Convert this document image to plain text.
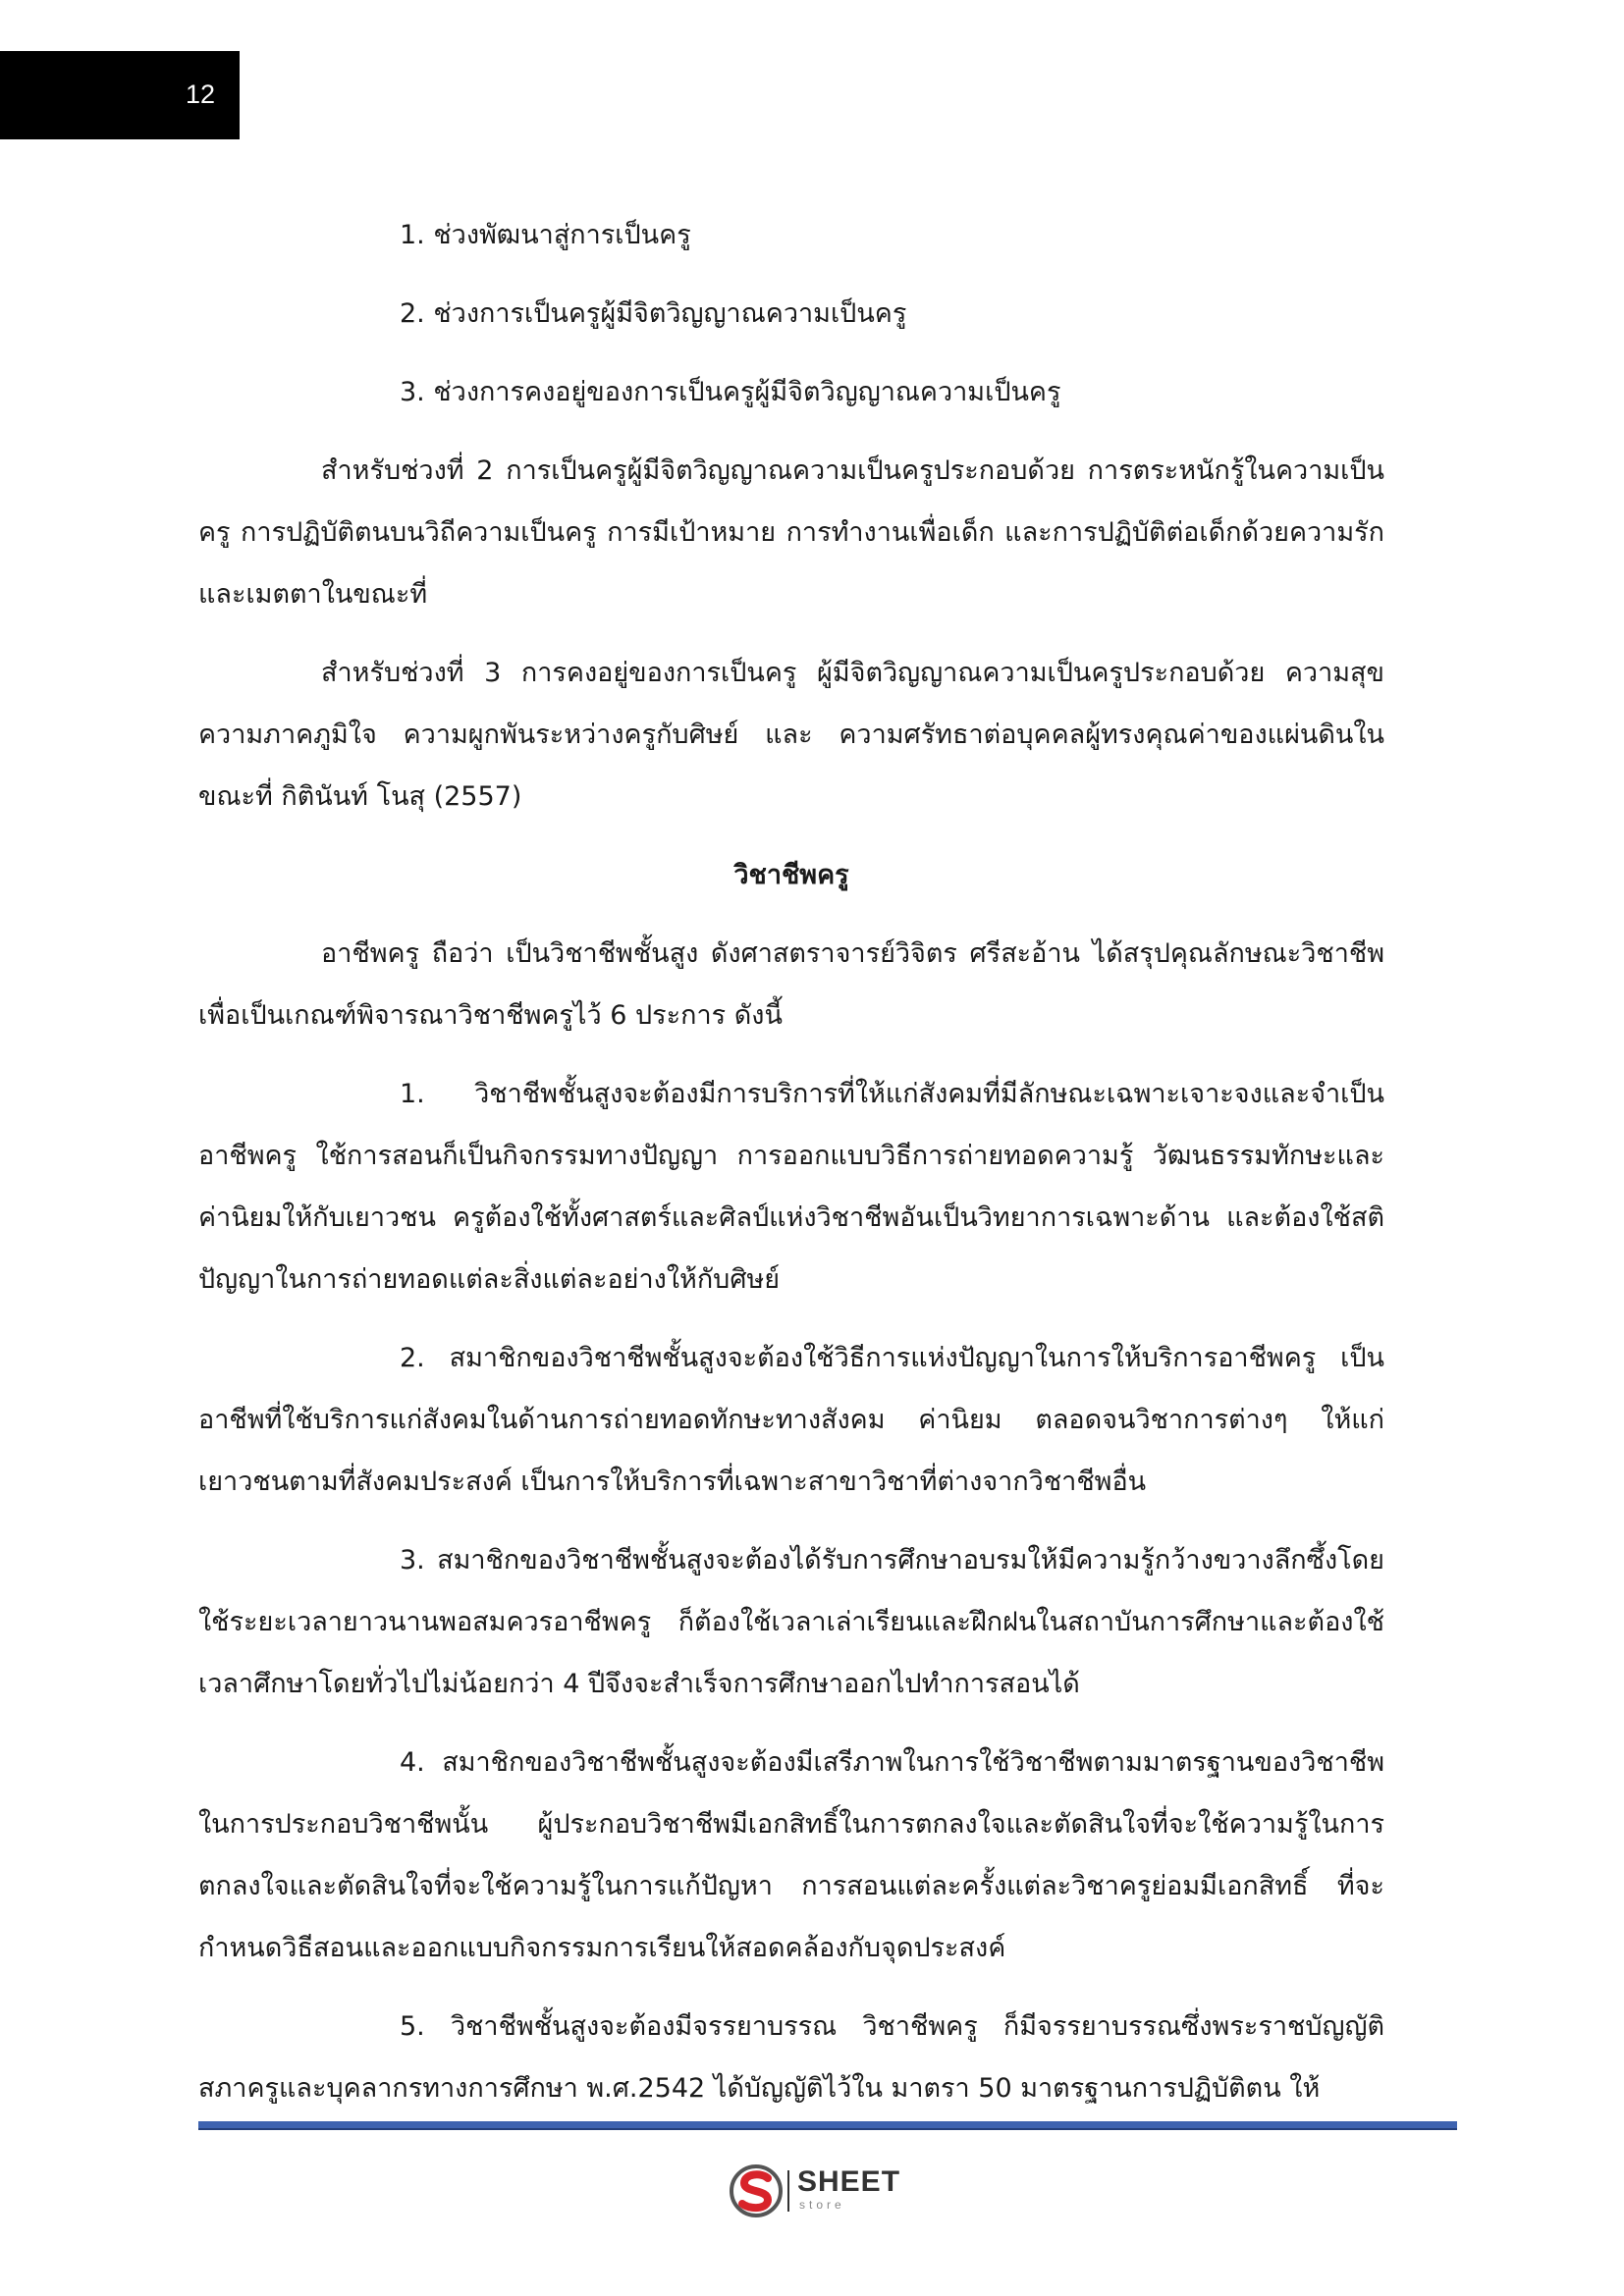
12

1. ช่วงพัฒนาสู่การเป็นครู

2. ช่วงการเป็นครูผู้มีจิตวิญญาณความเป็นครู

3. ช่วงการคงอยู่ของการเป็นครูผู้มีจิตวิญญาณความเป็นครู

สำหรับช่วงที่ 2 การเป็นครูผู้มีจิตวิญญาณความเป็นครูประกอบด้วย การตระหนักรู้ในความเป็นครู การปฏิบัติตนบนวิถีความเป็นครู การมีเป้าหมาย การทำงานเพื่อเด็ก และการปฏิบัติต่อเด็กด้วยความรักและเมตตาในขณะที่

สำหรับช่วงที่ 3 การคงอยู่ของการเป็นครู ผู้มีจิตวิญญาณความเป็นครูประกอบด้วย ความสุข ความภาคภูมิใจ ความผูกพันระหว่างครูกับศิษย์ และ ความศรัทธาต่อบุคคลผู้ทรงคุณค่าของแผ่นดินใน ขณะที่ กิตินันท์ โนสุ (2557)

วิชาชีพครู

อาชีพครู ถือว่า เป็นวิชาชีพชั้นสูง ดังศาสตราจารย์วิจิตร ศรีสะอ้าน ได้สรุปคุณลักษณะวิชาชีพ เพื่อเป็นเกณฑ์พิจารณาวิชาชีพครูไว้ 6 ประการ ดังนี้

1. วิชาชีพชั้นสูงจะต้องมีการบริการที่ให้แก่สังคมที่มีลักษณะเฉพาะเจาะจงและจำเป็น อาชีพครู ใช้การสอนก็เป็นกิจกรรมทางปัญญา การออกแบบวิธีการถ่ายทอดความรู้ วัฒนธรรมทักษะและค่านิยมให้กับเยาวชน ครูต้องใช้ทั้งศาสตร์และศิลป์แห่งวิชาชีพอันเป็นวิทยาการเฉพาะด้าน และต้องใช้สติปัญญาในการถ่ายทอดแต่ละสิ่งแต่ละอย่างให้กับศิษย์

2. สมาชิกของวิชาชีพชั้นสูงจะต้องใช้วิธีการแห่งปัญญาในการให้บริการอาชีพครู เป็นอาชีพที่ใช้บริการแก่สังคมในด้านการถ่ายทอดทักษะทางสังคม ค่านิยม ตลอดจนวิชาการต่างๆ ให้แก่เยาวชนตามที่สังคมประสงค์ เป็นการให้บริการที่เฉพาะสาขาวิชาที่ต่างจากวิชาชีพอื่น

3. สมาชิกของวิชาชีพชั้นสูงจะต้องได้รับการศึกษาอบรมให้มีความรู้กว้างขวางลึกซึ้งโดยใช้ระยะเวลายาวนานพอสมควรอาชีพครู ก็ต้องใช้เวลาเล่าเรียนและฝึกฝนในสถาบันการศึกษาและต้องใช้เวลาศึกษาโดยทั่วไปไม่น้อยกว่า 4 ปีจึงจะสำเร็จการศึกษาออกไปทำการสอนได้

4. สมาชิกของวิชาชีพชั้นสูงจะต้องมีเสรีภาพในการใช้วิชาชีพตามมาตรฐานของวิชาชีพในการประกอบวิชาชีพนั้น ผู้ประกอบวิชาชีพมีเอกสิทธิ์ในการตกลงใจและตัดสินใจที่จะใช้ความรู้ในการตกลงใจและตัดสินใจที่จะใช้ความรู้ในการแก้ปัญหา การสอนแต่ละครั้งแต่ละวิชาครูย่อมมีเอกสิทธิ์ ที่จะกำหนดวิธีสอนและออกแบบกิจกรรมการเรียนให้สอดคล้องกับจุดประสงค์

5. วิชาชีพชั้นสูงจะต้องมีจรรยาบรรณ วิชาชีพครู ก็มีจรรยาบรรณซึ่งพระราชบัญญัติสภาครูและบุคลากรทางการศึกษา พ.ศ.2542 ได้บัญญัติไว้ใน มาตรา 50 มาตรฐานการปฏิบัติตน ให้

SHEET
store
